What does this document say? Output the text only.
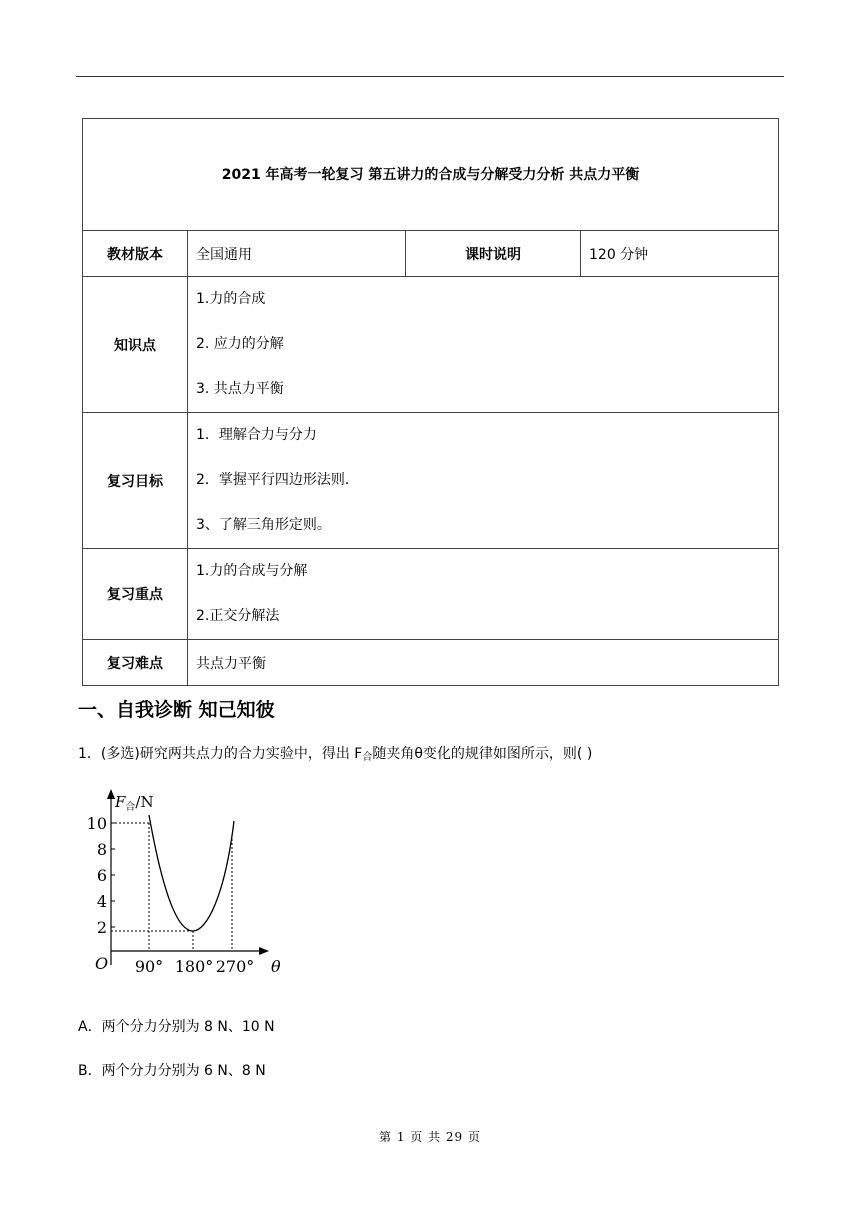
2021 年高考一轮复习 第五讲力的合成与分解受力分析 共点力平衡			
教材版本	全国通用	课时说明	120 分钟
知识点	1.力的合成
2. 应力的分解
3. 共点力平衡		

复习目标	1．理解合力与分力
2．掌握平行四边形法则．
3、了解三角形定则。		

复习重点	1.力的合成与分解
2.正交分解法		

复习难点	共点力平衡		
一、自我诊断 知己知彼
1．(多选)研究两共点力的合力实验中，得出 $F_合$随夹角θ变化的规律如图所示，则( )
$F_合/N$
10
8
6
4
2
O 90° 180° 270° θ
A．两个分力分别为 8 N、10 N
B．两个分力分别为 6 N、8 N
第 1 页 共 29 页
